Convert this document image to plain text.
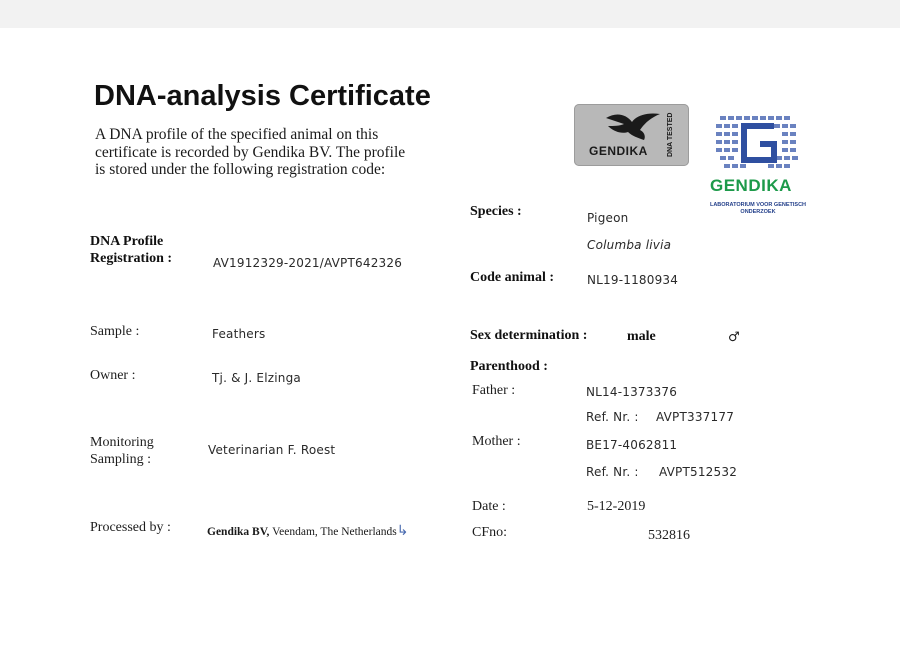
DNA-analysis Certificate
A DNA profile of the specified animal on this certificate is recorded by Gendika BV. The profile is stored under the following registration code:
GENDIKA	DNA TESTED
GENDIKA
LABORATORIUM VOOR GENETISCH ONDERZOEK
DNA Profile
Registration :	AV1912329-2021/AVPT642326
Sample :	Feathers
Owner :	Tj. & J. Elzinga
Monitoring
Sampling :
Veterinarian F. Roest
Processed by :	Gendika BV, Veendam, The Netherlands↳
Species :	Pigeon
Columba livia
Code animal :	NL19-1180934
Sex determination :	male	♂
Parenthood :
Father :	NL14-1373376
Ref. Nr. : AVPT337177
Mother :	BE17-4062811
Ref. Nr. : AVPT512532
Date :	5-12-2019
CFno:	532816
